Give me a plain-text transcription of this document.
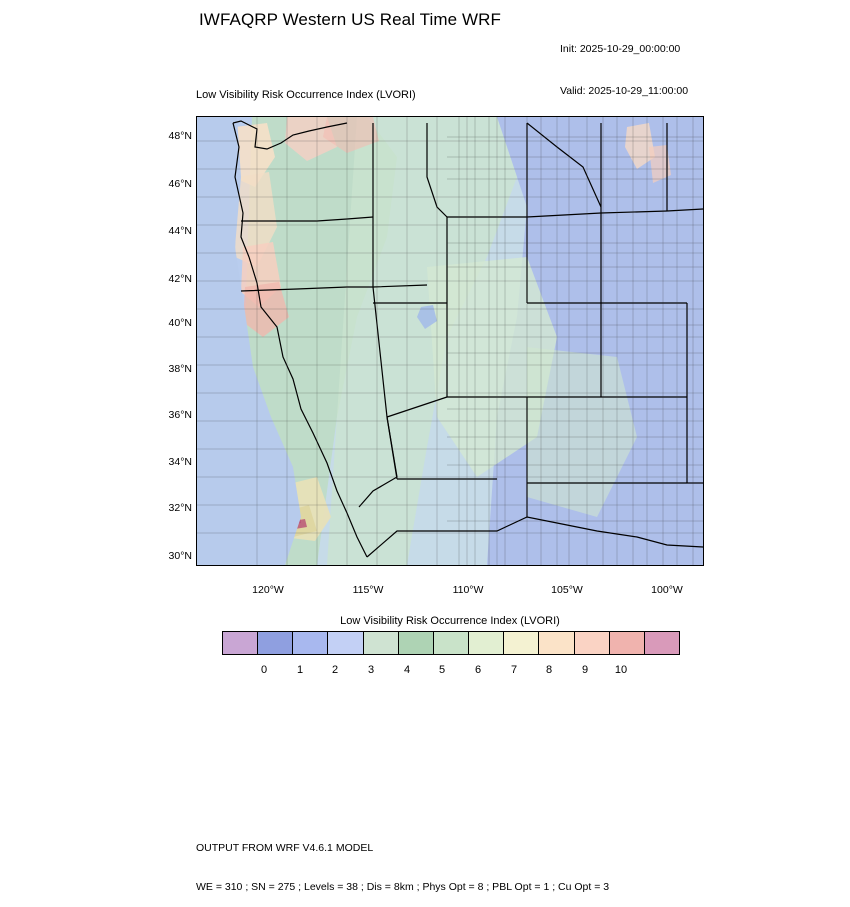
IWFAQRP Western US Real Time WRF

Init: 2025-10-29_00:00:00

Valid: 2025-10-29_11:00:00

Low Visibility Risk Occurrence Index (LVORI)
48°N
46°N
44°N
42°N
40°N
38°N
36°N
34°N
32°N
30°N
120°W	115°W	110°W	105°W	100°W
Low Visibility Risk Occurrence Index (LVORI)
0	1	2	3	4	5	6	7	8	9	10

OUTPUT FROM WRF V4.6.1 MODEL

WE = 310 ; SN = 275 ; Levels = 38 ; Dis = 8km ; Phys Opt = 8 ; PBL Opt = 1 ; Cu Opt = 3
